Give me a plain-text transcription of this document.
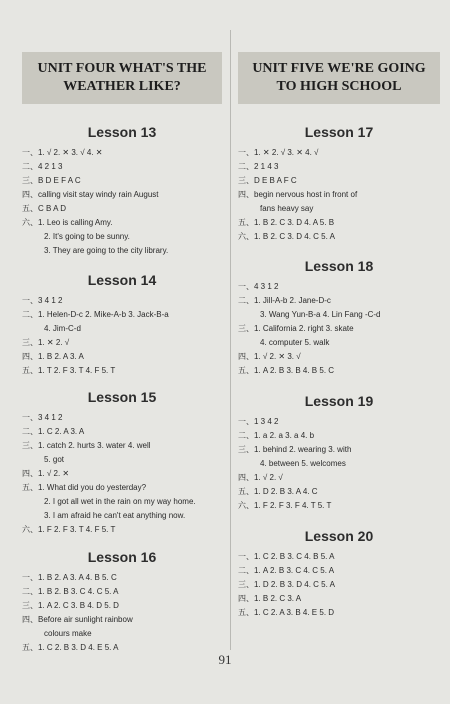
UNIT FOUR WHAT'S THE
WEATHER LIKE?
Lesson 13
一、1. √ 2. ✕ 3. √ 4. ✕
二、4 2 1 3
三、B D E F A C
四、calling visit stay windy rain August
五、C B A D
六、1. Leo is calling Amy.
2. It's going to be sunny.
3. They are going to the city library.
Lesson 14
一、3 4 1 2
二、1. Helen-D-c 2. Mike-A-b 3. Jack-B-a
4. Jim-C-d
三、1. ✕ 2. √
四、1. B 2. A 3. A
五、1. T 2. F 3. T 4. F 5. T
Lesson 15
一、3 4 1 2
二、1. C 2. A 3. A
三、1. catch 2. hurts 3. water 4. well
5. got
四、1. √ 2. ✕
五、1. What did you do yesterday?
2. I got all wet in the rain on my way home.
3. I am afraid he can't eat anything now.
六、1. F 2. F 3. T 4. F 5. T
Lesson 16
一、1. B 2. A 3. A 4. B 5. C
二、1. B 2. B 3. C 4. C 5. A
三、1. A 2. C 3. B 4. D 5. D
四、Before air sunlight rainbow
colours make
五、1. C 2. B 3. D 4. E 5. A
UNIT FIVE WE'RE GOING
TO HIGH SCHOOL
Lesson 17
一、1. ✕ 2. √ 3. ✕ 4. √
二、2 1 4 3
三、D E B A F C
四、begin nervous host in front of
fans heavy say
五、1. B 2. C 3. D 4. A 5. B
六、1. B 2. C 3. D 4. C 5. A
Lesson 18
一、4 3 1 2
二、1. Jill-A-b 2. Jane-D-c
3. Wang Yun-B-a 4. Lin Fang -C-d
三、1. California 2. right 3. skate
4. computer 5. walk
四、1. √ 2. ✕ 3. √
五、1. A 2. B 3. B 4. B 5. C
Lesson 19
一、1 3 4 2
二、1. a 2. a 3. a 4. b
三、1. behind 2. wearing 3. with
4. between 5. welcomes
四、1. √ 2. √
五、1. D 2. B 3. A 4. C
六、1. F 2. F 3. F 4. T 5. T
Lesson 20
一、1. C 2. B 3. C 4. B 5. A
二、1. A 2. B 3. C 4. C 5. A
三、1. D 2. B 3. D 4. C 5. A
四、1. B 2. C 3. A
五、1. C 2. A 3. B 4. E 5. D
91
